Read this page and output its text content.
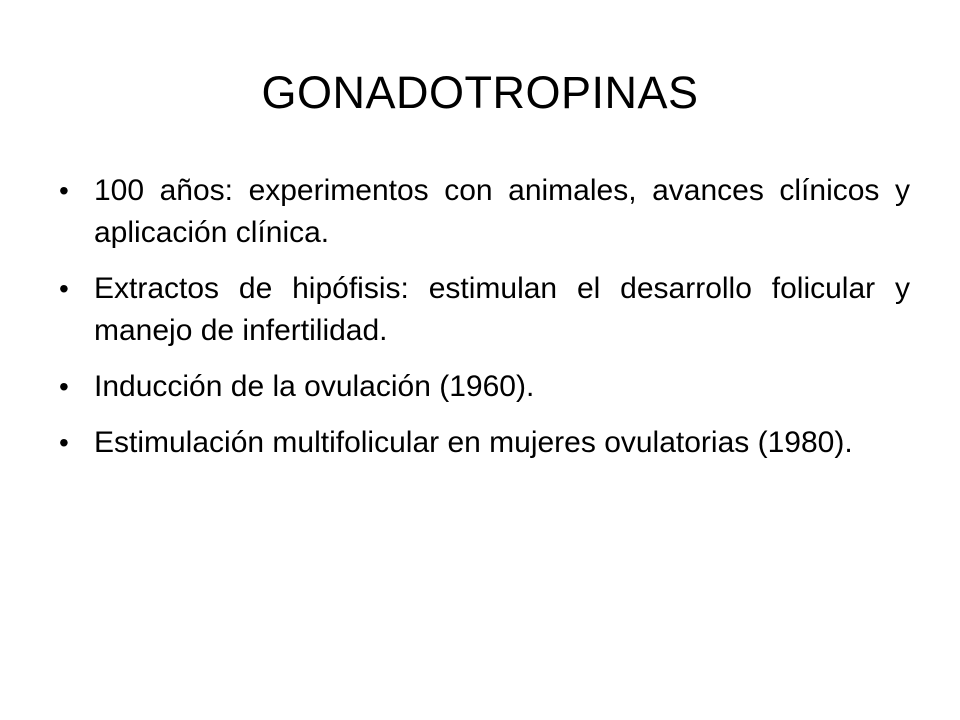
GONADOTROPINAS
• 100 años: experimentos con animales, avances clínicos y aplicación clínica.
• Extractos de hipófisis: estimulan el desarrollo folicular y manejo de infertilidad.
• Inducción de la ovulación (1960).
• Estimulación multifolicular en mujeres ovulatorias (1980).
